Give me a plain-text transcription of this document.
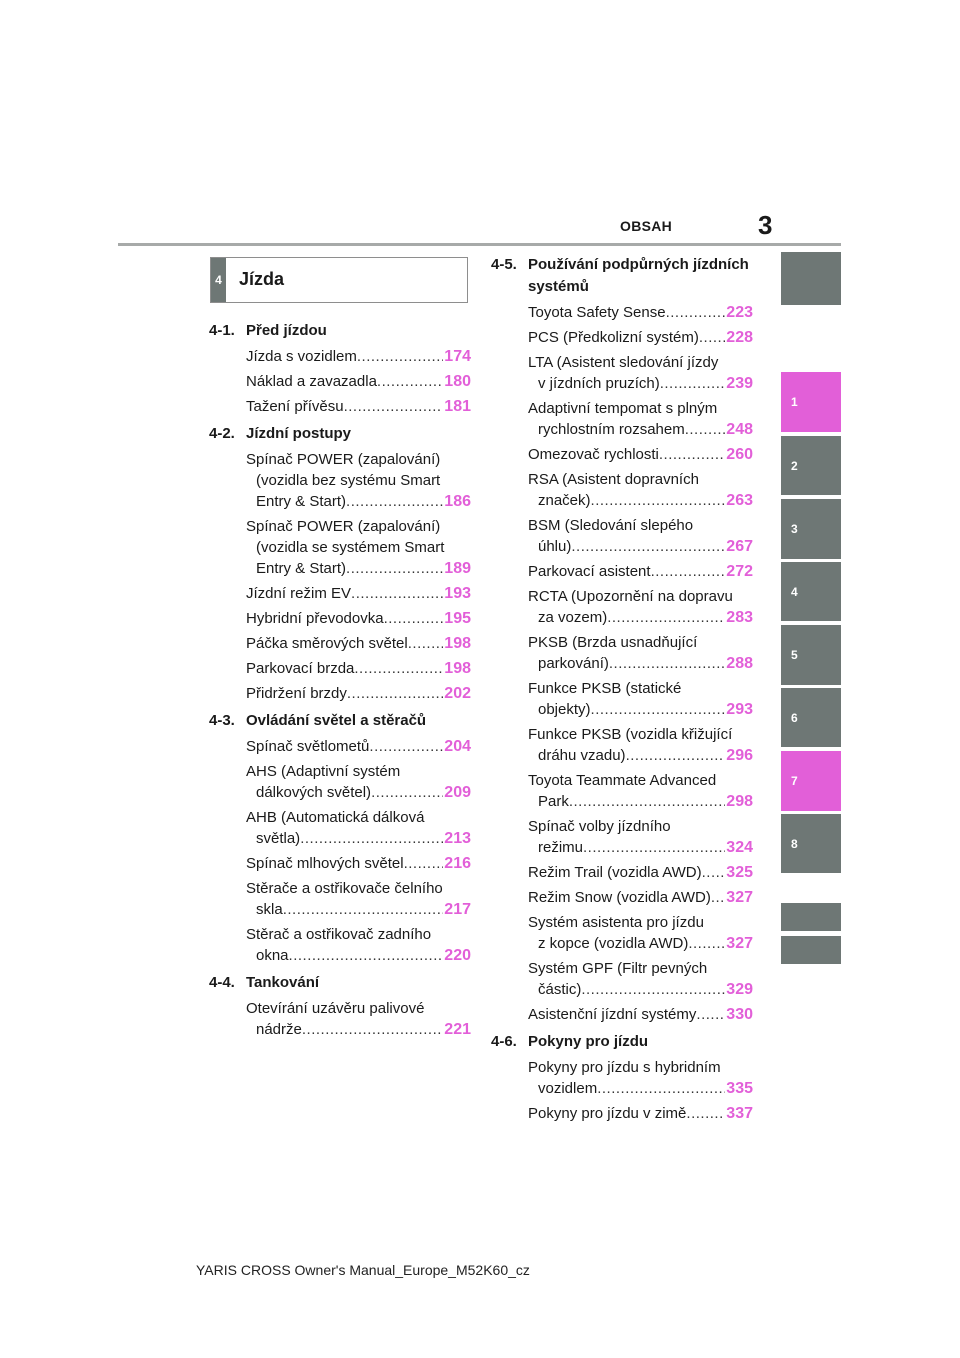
OBSAH	3
4 Jízda
4-1. Před jízdou
Jízda s vozidlem .....	174
Náklad a zavazadla .....	180
Tažení přívěsu .....	181
4-2. Jízdní postupy
Spínač POWER (zapalování)
(vozidla bez systému Smart
Entry & Start) .....	186
Spínač POWER (zapalování)
(vozidla se systémem Smart
Entry & Start) .....	189
Jízdní režim EV .....	193
Hybridní převodovka .....	195
Páčka směrových světel ..... 198
Parkovací brzda .....	198
Přidržení brzdy .....	202
4-3. Ovládání světel a stěračů
Spínač světlometů .....	204
AHS (Adaptivní systém
dálkových světel) .....	209
AHB (Automatická dálková
světla) .....	213
Spínač mlhových světel .....	216
Stěrače a ostřikovače čelního
skla .....	217
Stěrač a ostřikovač zadního
okna .....	220
4-4. Tankování
Otevírání uzávěru palivové
nádrže .....	221
4-5. Používání podpůrných jízdních systémů
Toyota Safety Sense .....	223
PCS (Předkolizní systém) ..... 228
LTA (Asistent sledování jízdy
v jízdních pruzích) .....	239
Adaptivní tempomat s plným
rychlostním rozsahem .....	248
Omezovač rychlosti .....	260
RSA (Asistent dopravních
značek) .....	263
BSM (Sledování slepého
úhlu) .....	267
Parkovací asistent .....	272
RCTA (Upozornění na dopravu
za vozem) .....	283
PKSB (Brzda usnadňující
parkování) .....	288
Funkce PKSB (statické
objekty) .....	293
Funkce PKSB (vozidla křižující
dráhu vzadu) .....	296
Toyota Teammate Advanced
Park .....	298
Spínač volby jízdního
režimu .....	324
Režim Trail (vozidla AWD) ..... 325
Režim Snow (vozidla AWD) ..... 327
Systém asistenta pro jízdu
z kopce (vozidla AWD) ..... 327
Systém GPF (Filtr pevných
částic) .....	329
Asistenční jízdní systémy ..... 330
4-6. Pokyny pro jízdu
Pokyny pro jízdu s hybridním
vozidlem .....	335
Pokyny pro jízdu v zimě ..... 337
1
2
3
4
5
6
7
8
YARIS CROSS Owner's Manual_Europe_M52K60_cz
